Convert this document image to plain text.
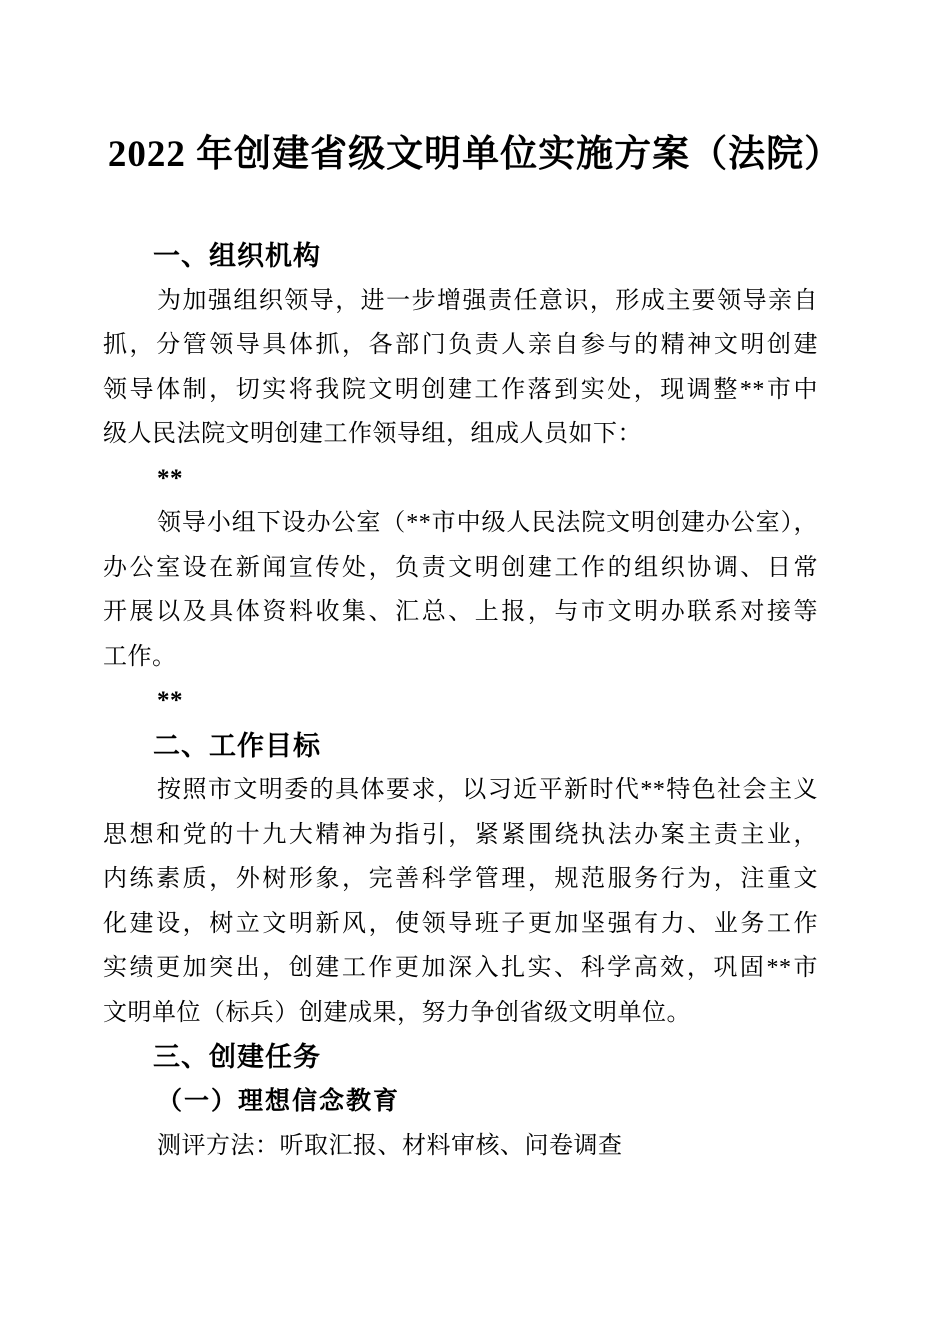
2022 年创建省级文明单位实施方案（法院）
一、组织机构
为加强组织领导，进一步增强责任意识，形成主要领导亲自
抓，分管领导具体抓，各部门负责人亲自参与的精神文明创建
领导体制，切实将我院文明创建工作落到实处，现调整**市中
级人民法院文明创建工作领导组，组成人员如下：
**
领导小组下设办公室（**市中级人民法院文明创建办公室），
办公室设在新闻宣传处，负责文明创建工作的组织协调、日常
开展以及具体资料收集、汇总、上报，与市文明办联系对接等
工作。
**
二、工作目标
按照市文明委的具体要求，以习近平新时代**特色社会主义
思想和党的十九大精神为指引，紧紧围绕执法办案主责主业，
内练素质，外树形象，完善科学管理，规范服务行为，注重文
化建设，树立文明新风，使领导班子更加坚强有力、业务工作
实绩更加突出，创建工作更加深入扎实、科学高效，巩固**市
文明单位（标兵）创建成果，努力争创省级文明单位。
三、创建任务
（一）理想信念教育
测评方法：听取汇报、材料审核、问卷调查
